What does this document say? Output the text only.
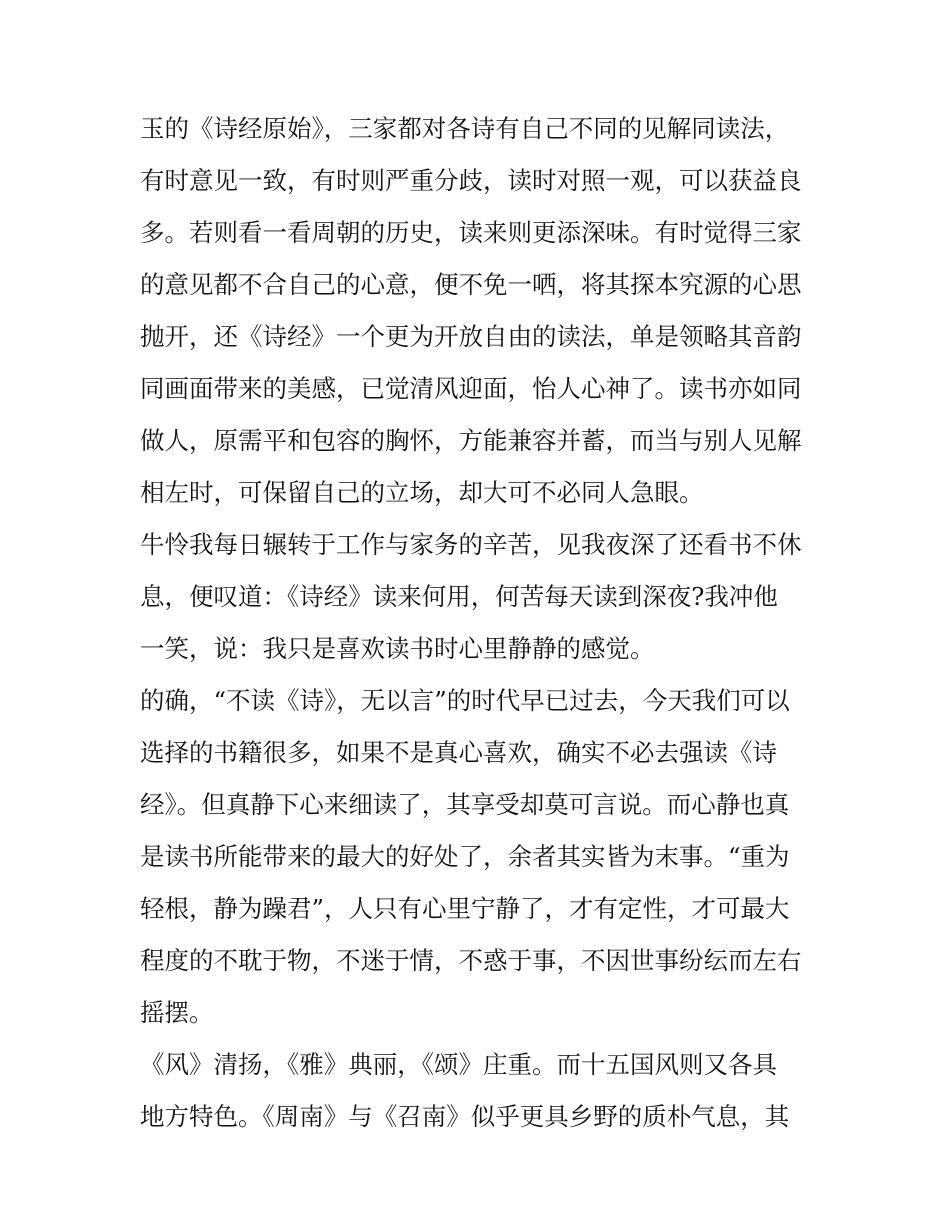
玉的《诗经原始》，三家都对各诗有自己不同的见解同读法，
有时意见一致，有时则严重分歧，读时对照一观，可以获益良
多。若则看一看周朝的历史，读来则更添深味。有时觉得三家
的意见都不合自己的心意，便不免一哂，将其探本究源的心思
抛开，还《诗经》一个更为开放自由的读法，单是领略其音韵
同画面带来的美感，已觉清风迎面，怡人心神了。读书亦如同
做人，原需平和包容的胸怀，方能兼容并蓄，而当与别人见解
相左时，可保留自己的立场，却大可不必同人急眼。
牛怜我每日辗转于工作与家务的辛苦，见我夜深了还看书不休
息，便叹道：《诗经》读来何用，何苦每天读到深夜?我冲他
一笑，说：我只是喜欢读书时心里静静的感觉。
的确，“不读《诗》，无以言”的时代早已过去，今天我们可以
选择的书籍很多，如果不是真心喜欢，确实不必去强读《诗
经》。但真静下心来细读了，其享受却莫可言说。而心静也真
是读书所能带来的最大的好处了，余者其实皆为末事。“重为
轻根，静为躁君”，人只有心里宁静了，才有定性，才可最大
程度的不耽于物，不迷于情，不惑于事，不因世事纷纭而左右
摇摆。
《风》清扬，《雅》典丽，《颂》庄重。而十五国风则又各具
地方特色。《周南》与《召南》似乎更具乡野的质朴气息，其
